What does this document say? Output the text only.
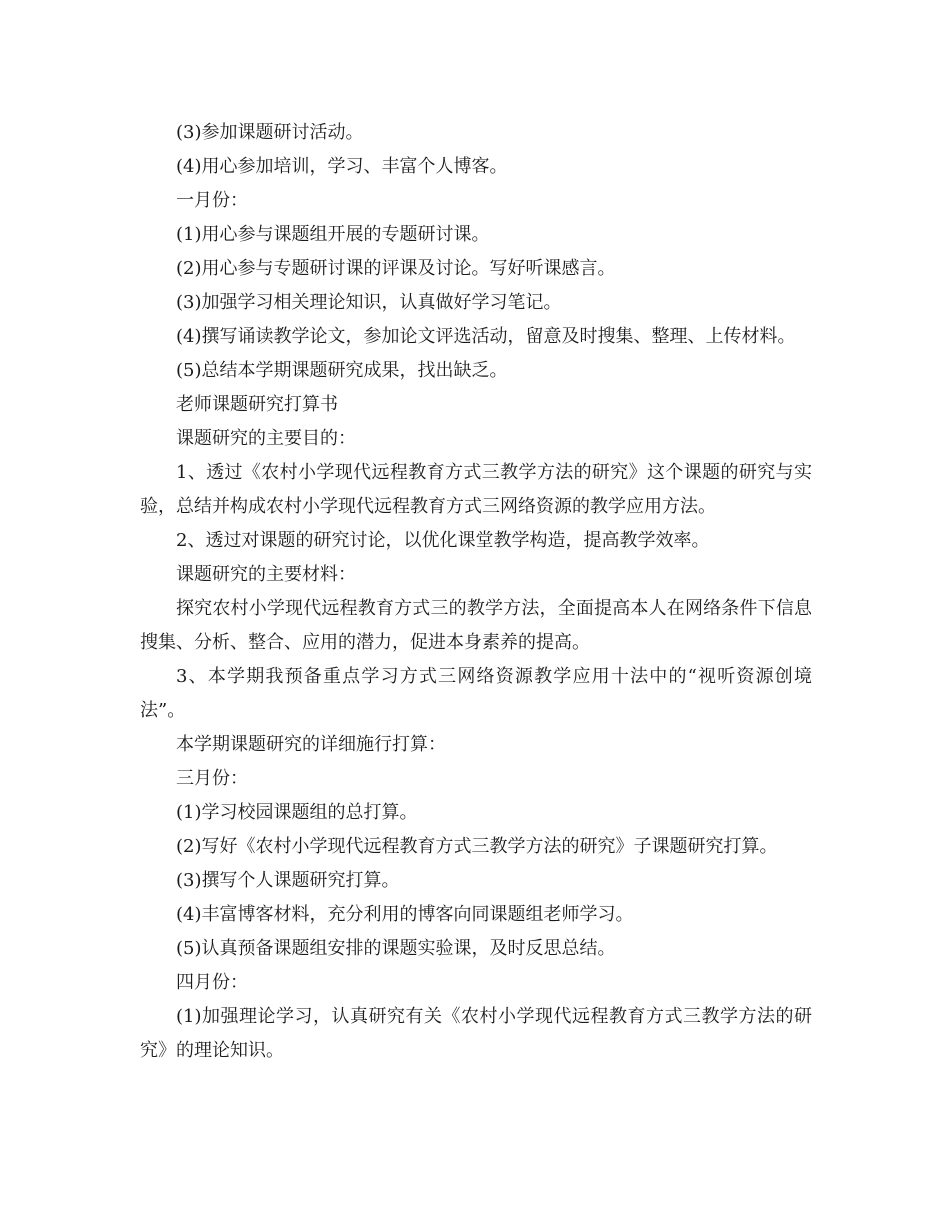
(3)参加课题研讨活动。

(4)用心参加培训，学习、丰富个人博客。

一月份：

(1)用心参与课题组开展的专题研讨课。

(2)用心参与专题研讨课的评课及讨论。写好听课感言。

(3)加强学习相关理论知识，认真做好学习笔记。

(4)撰写诵读教学论文，参加论文评选活动，留意及时搜集、整理、上传材料。

(5)总结本学期课题研究成果，找出缺乏。

老师课题研究打算书

课题研究的主要目的：

1、透过《农村小学现代远程教育方式三教学方法的研究》这个课题的研究与实验，总结并构成农村小学现代远程教育方式三网络资源的教学应用方法。

2、透过对课题的研究讨论，以优化课堂教学构造，提高教学效率。

课题研究的主要材料：

探究农村小学现代远程教育方式三的教学方法，全面提高本人在网络条件下信息搜集、分析、整合、应用的潜力，促进本身素养的提高。

3、本学期我预备重点学习方式三网络资源教学应用十法中的“视听资源创境法”。

本学期课题研究的详细施行打算：

三月份：

(1)学习校园课题组的总打算。

(2)写好《农村小学现代远程教育方式三教学方法的研究》子课题研究打算。

(3)撰写个人课题研究打算。

(4)丰富博客材料，充分利用的博客向同课题组老师学习。

(5)认真预备课题组安排的课题实验课，及时反思总结。

四月份：

(1)加强理论学习，认真研究有关《农村小学现代远程教育方式三教学方法的研究》的理论知识。
